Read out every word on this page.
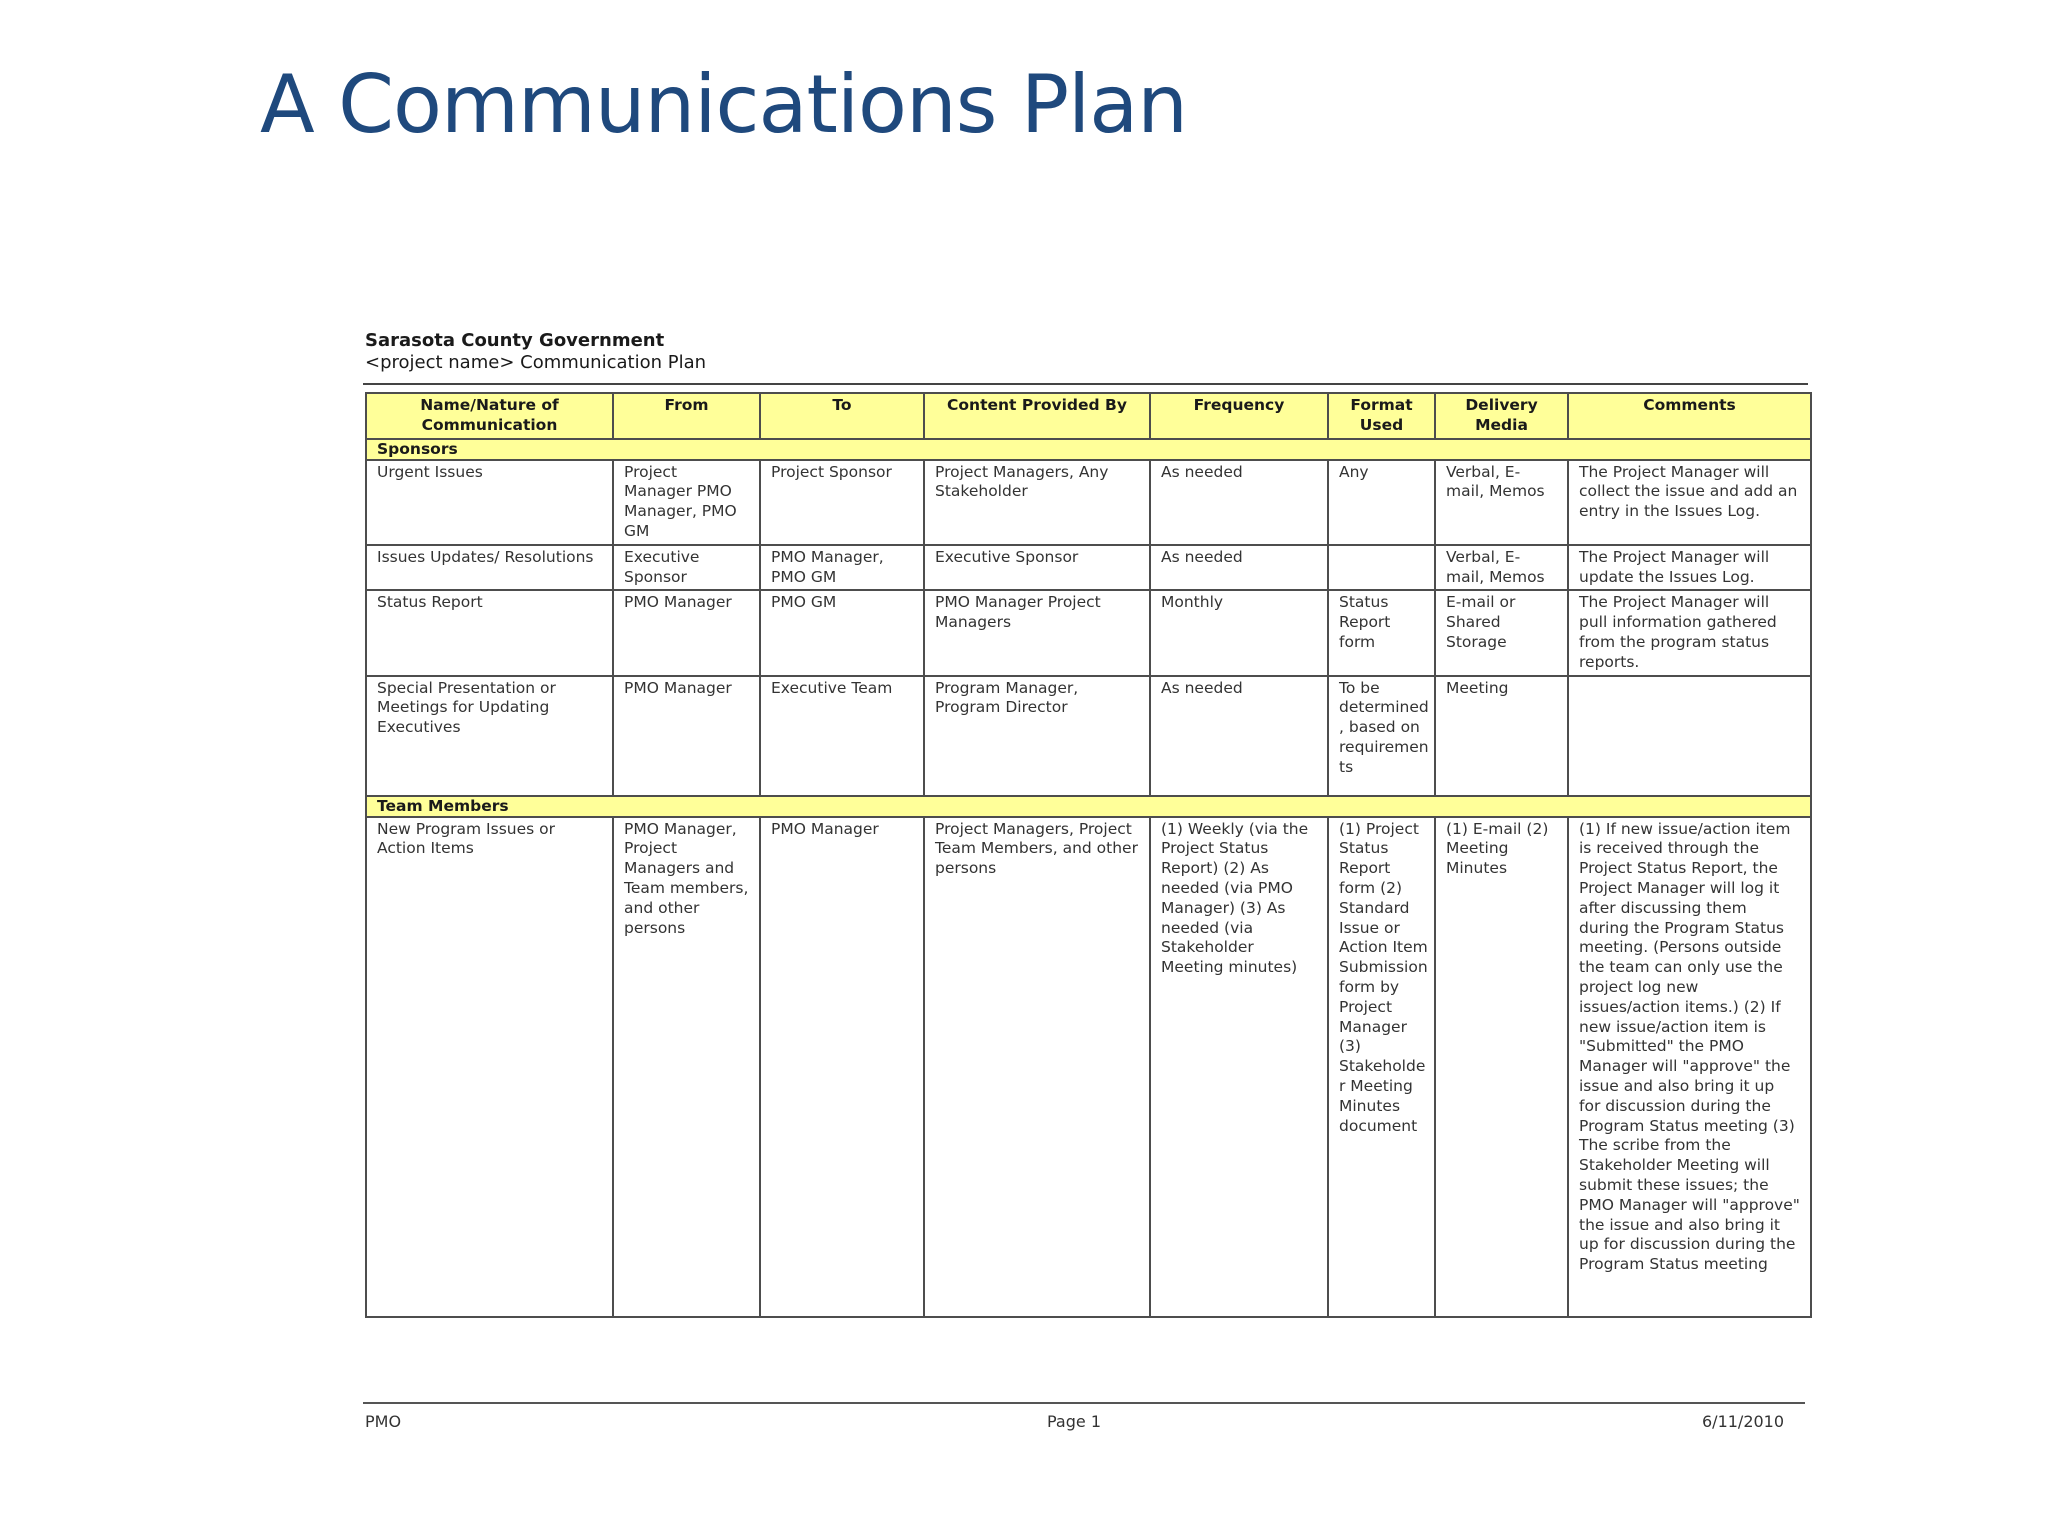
A Communications Plan
Sarasota County Government
<project name> Communication Plan
Name/Nature of Communication	From	To	Content Provided By	Frequency	Format Used	Delivery Media	Comments
Sponsors							
Urgent Issues	Project Manager PMO Manager, PMO GM	Project Sponsor	Project Managers, Any Stakeholder	As needed	Any	Verbal, E-mail, Memos	The Project Manager will collect the issue and add an entry in the Issues Log.
Issues Updates/ Resolutions	Executive Sponsor	PMO Manager, PMO GM	Executive Sponsor	As needed		Verbal, E-mail, Memos	The Project Manager will update the Issues Log.
Status Report	PMO Manager	PMO GM	PMO Manager Project Managers	Monthly	Status Report form	E-mail or Shared Storage	The Project Manager will pull information gathered from the program status reports.
Special Presentation or Meetings for Updating Executives	PMO Manager	Executive Team	Program Manager, Program Director	As needed	To be determined, based on requirements	Meeting	
Team Members							
New Program Issues or Action Items	PMO Manager, Project Managers and Team members, and other persons	PMO Manager	Project Managers, Project Team Members, and other persons	(1) Weekly (via the Project Status Report) (2) As needed (via PMO Manager) (3) As needed (via Stakeholder Meeting minutes)	(1) Project Status Report form (2) Standard Issue or Action Item Submission form by Project Manager (3) Stakeholder Meeting Minutes document	(1) E-mail (2) Meeting Minutes	(1) If new issue/action item is received through the Project Status Report, the Project Manager will log it after discussing them during the Program Status meeting. (Persons outside the team can only use the project log new issues/action items.) (2) If new issue/action item is "Submitted" the PMO Manager will "approve" the issue and also bring it up for discussion during the Program Status meeting (3) The scribe from the Stakeholder Meeting will submit these issues; the PMO Manager will "approve" the issue and also bring it up for discussion during the Program Status meeting
PMO	Page 1	6/11/2010
